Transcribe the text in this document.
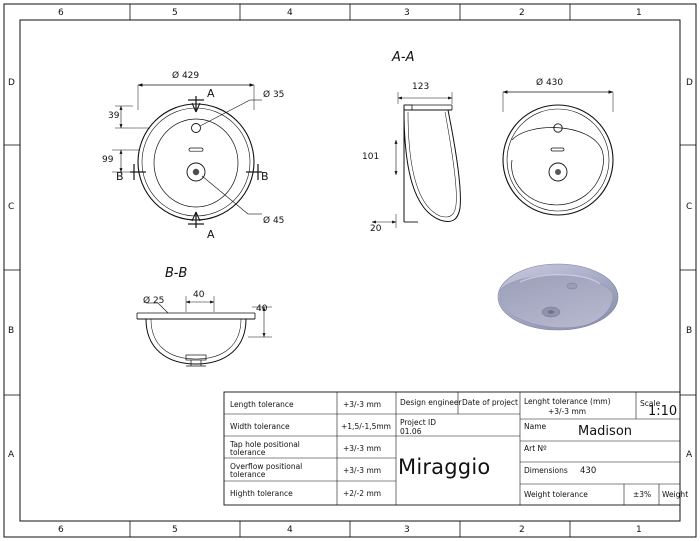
6	5	4	3	2	1
6	5	4	3	2	1
D
C
B
A
D
C
B
A
Ø 429
Ø 35
Ø 45
39
99
A
A
B	B
A-A
123
101
20
Ø 430
B-B
Ø 25
40
40
Length tolerance	+3/-3 mm
Width tolerance	+1,5/-1,5mm
Tap hole positional
tolerance	+3/-3 mm
Overflow positional
tolerance	+3/-3 mm
Highth tolerance	+2/-2 mm
Design engineer Date of project
Project ID
01.06
Lenght tolerance (mm)
+3/-3 mm
Scale
1:10
Name Madison
Art Nº
Dimensions 430
Weight tolerance	±3% Weight
Miraggio
